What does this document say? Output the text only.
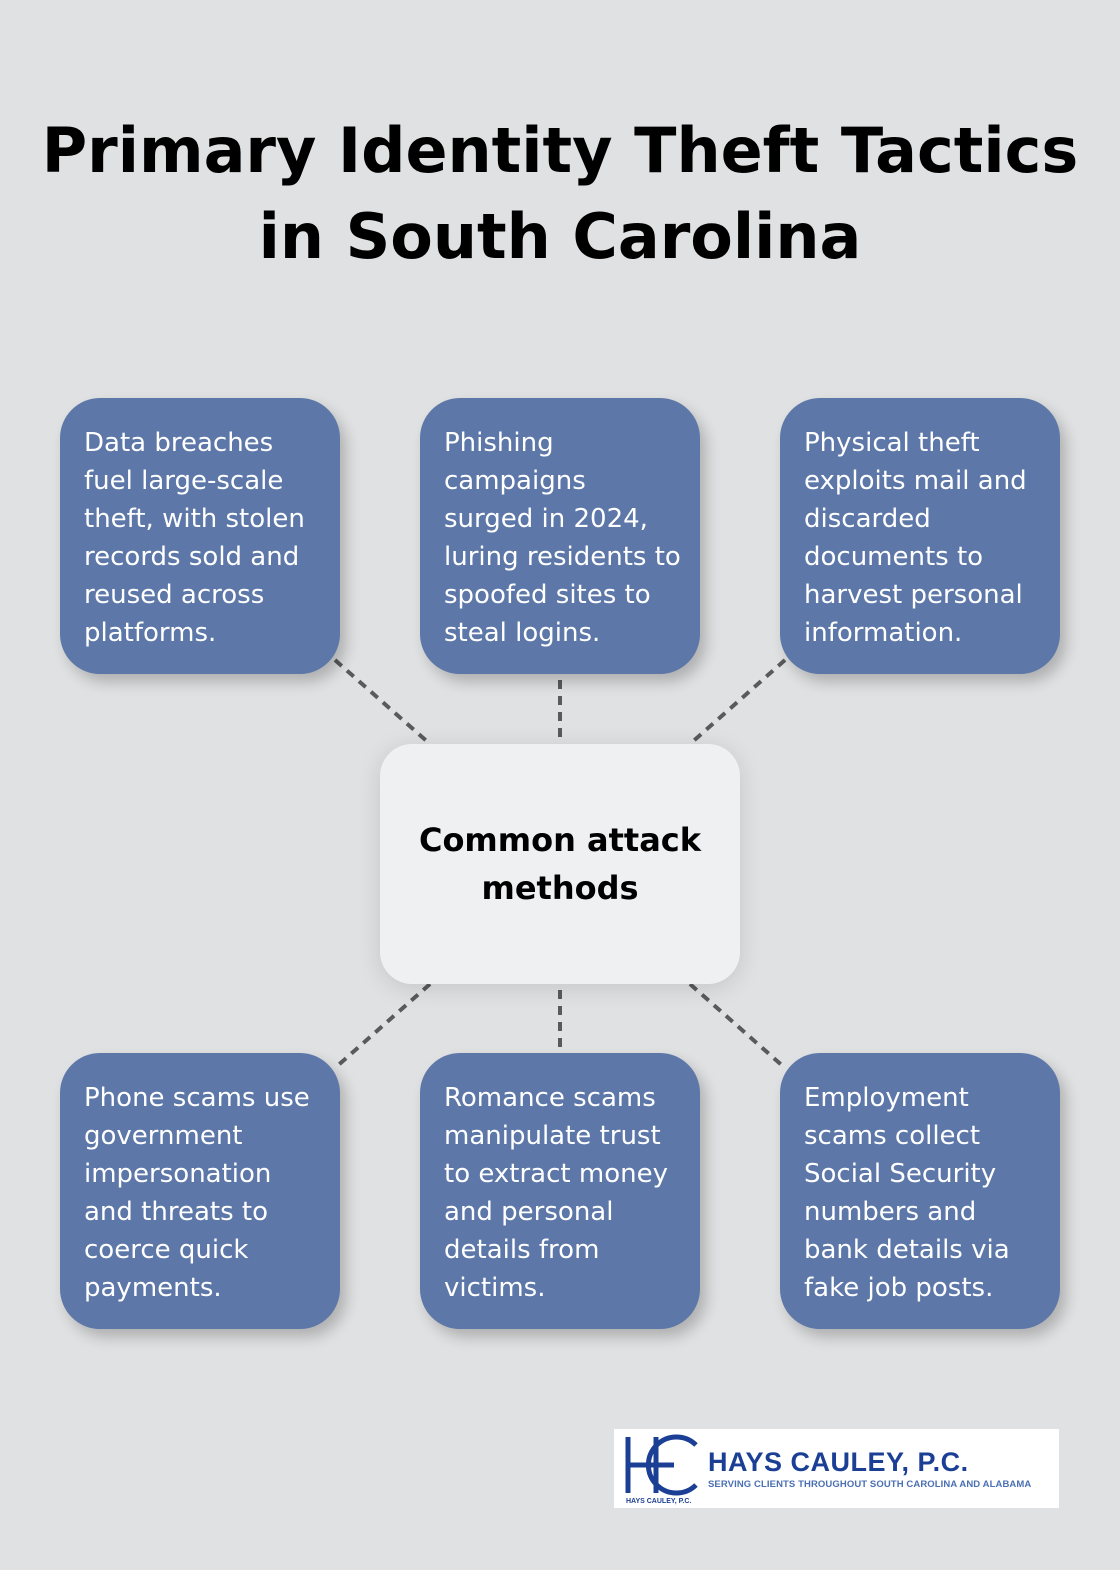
Primary Identity Theft Tactics
in South Carolina
Data breaches fuel large-scale theft, with stolen records sold and reused across platforms.
Phishing campaigns surged in 2024, luring residents to spoofed sites to steal logins.
Physical theft exploits mail and discarded documents to harvest personal information.
Common attack methods
Phone scams use government impersonation and threats to coerce quick payments.
Romance scams manipulate trust to extract money and personal details from victims.
Employment scams collect Social Security numbers and bank details via fake job posts.
HAYS CAULEY, P.C.
SERVING CLIENTS THROUGHOUT SOUTH CAROLINA AND ALABAMA
HAYS CAULEY, P.C.
